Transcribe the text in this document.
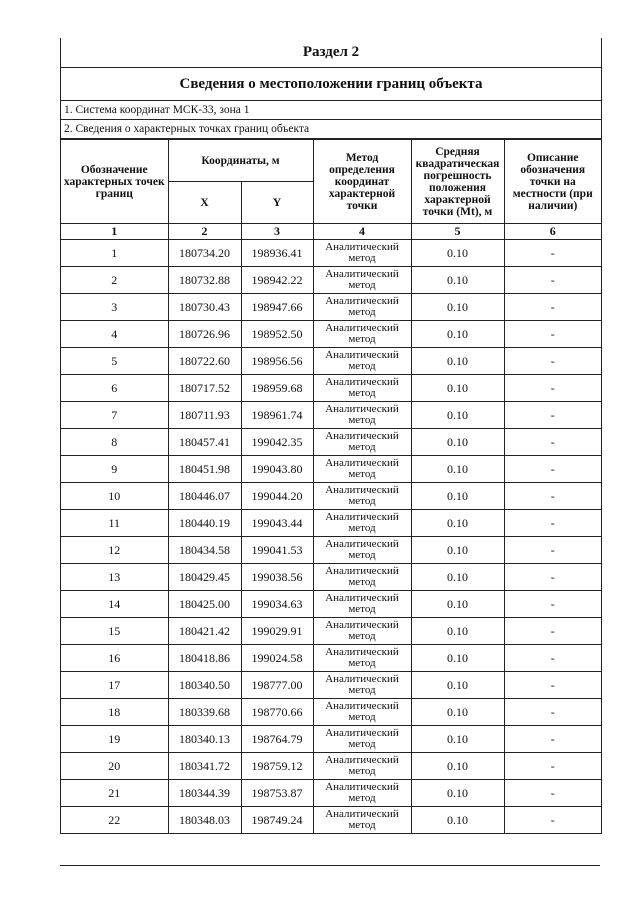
Раздел 2
Сведения о местоположении границ объекта
1. Система координат МСК-33, зона 1
2. Сведения о характерных точках границ объекта
Обозначение характерных точек границ	Координаты, м		Метод определения координат характерной точки	Средняя квадратическая погрешность положения характерной точки (Mt), м	Описание обозначения точки на местности (при наличии)
	X	Y			
1	2	3	4	5	6
1	180734.20	198936.41	Аналитический метод	0.10	-
2	180732.88	198942.22	Аналитический метод	0.10	-
3	180730.43	198947.66	Аналитический метод	0.10	-
4	180726.96	198952.50	Аналитический метод	0.10	-
5	180722.60	198956.56	Аналитический метод	0.10	-
6	180717.52	198959.68	Аналитический метод	0.10	-
7	180711.93	198961.74	Аналитический метод	0.10	-
8	180457.41	199042.35	Аналитический метод	0.10	-
9	180451.98	199043.80	Аналитический метод	0.10	-
10	180446.07	199044.20	Аналитический метод	0.10	-
11	180440.19	199043.44	Аналитический метод	0.10	-
12	180434.58	199041.53	Аналитический метод	0.10	-
13	180429.45	199038.56	Аналитический метод	0.10	-
14	180425.00	199034.63	Аналитический метод	0.10	-
15	180421.42	199029.91	Аналитический метод	0.10	-
16	180418.86	199024.58	Аналитический метод	0.10	-
17	180340.50	198777.00	Аналитический метод	0.10	-
18	180339.68	198770.66	Аналитический метод	0.10	-
19	180340.13	198764.79	Аналитический метод	0.10	-
20	180341.72	198759.12	Аналитический метод	0.10	-
21	180344.39	198753.87	Аналитический метод	0.10	-
22	180348.03	198749.24	Аналитический метод	0.10	-
